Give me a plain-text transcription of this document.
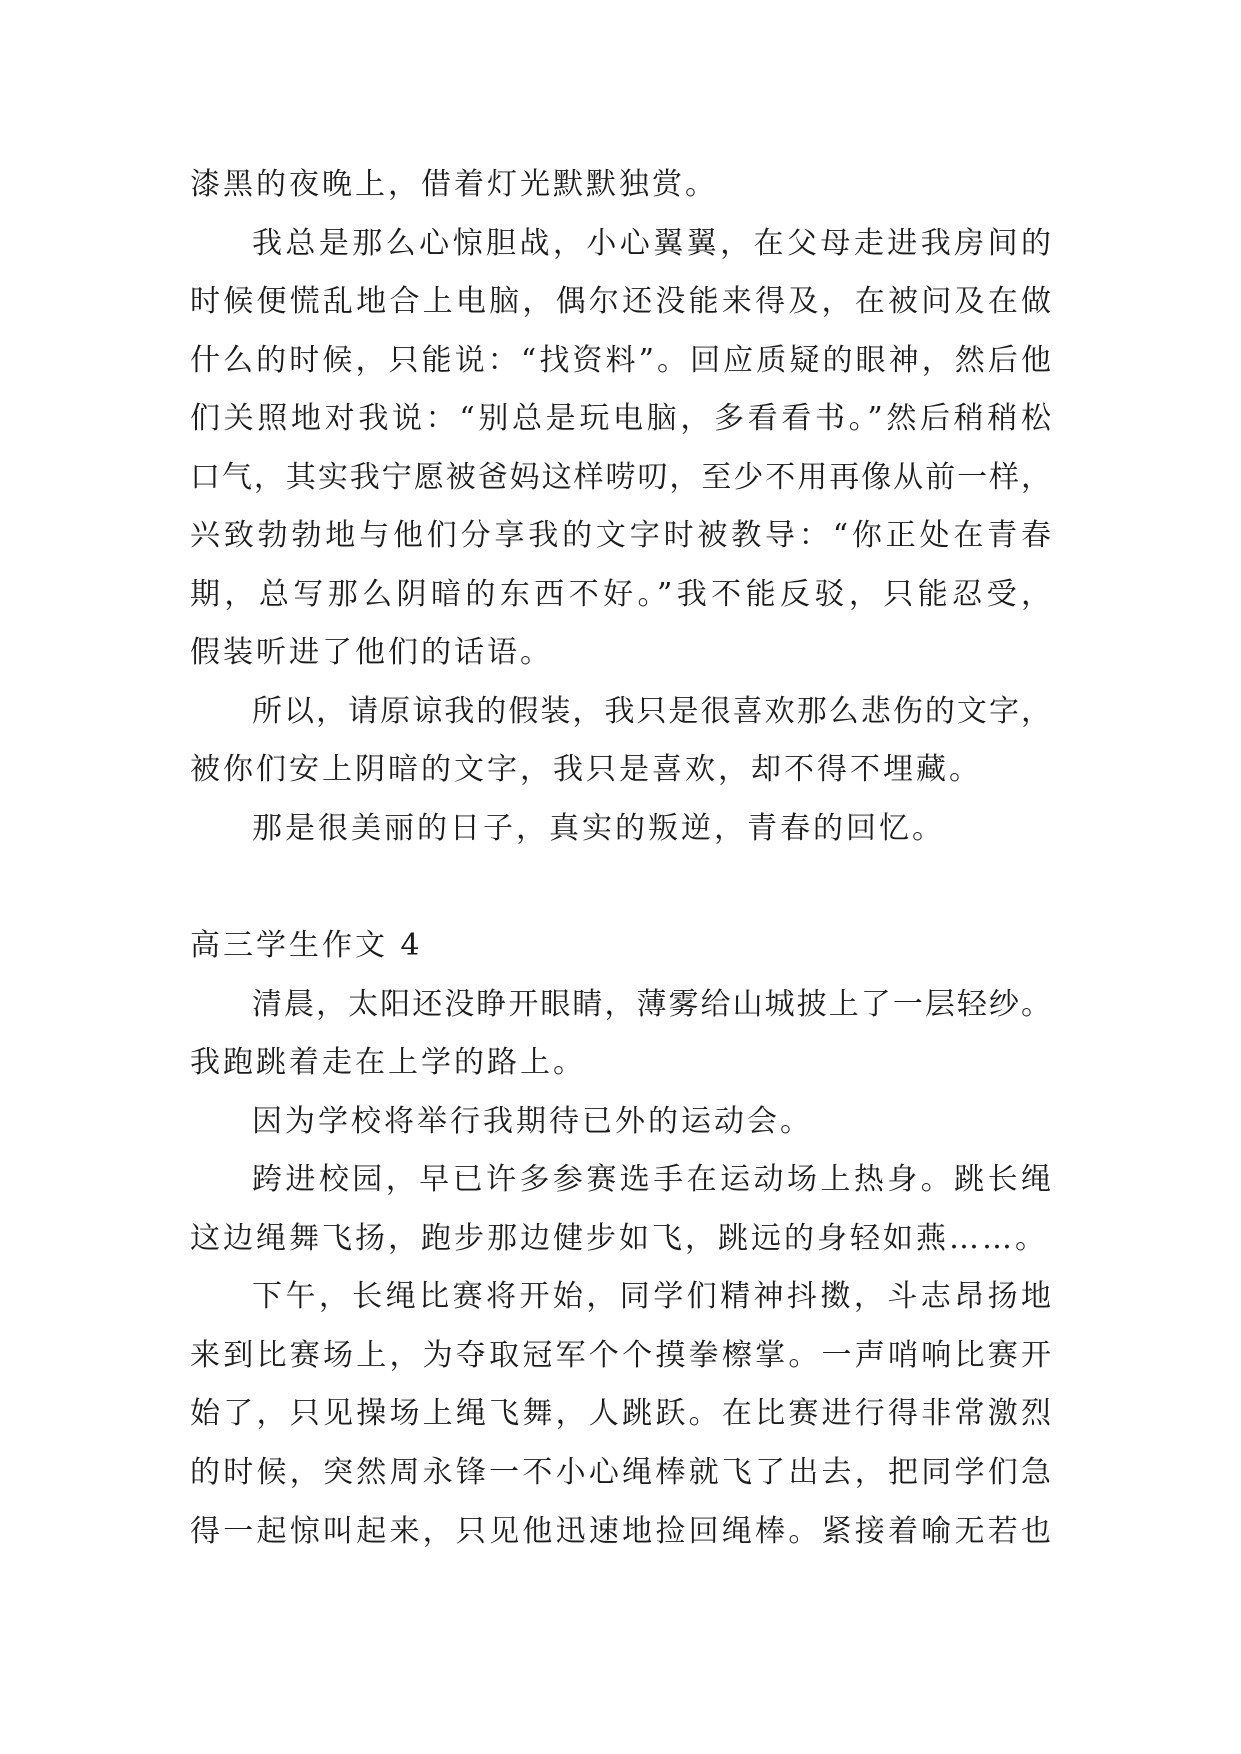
漆黑的夜晚上，借着灯光默默独赏。
我总是那么心惊胆战，小心翼翼，在父母走进我房间的
时候便慌乱地合上电脑，偶尔还没能来得及，在被问及在做
什么的时候，只能说：“找资料”。回应质疑的眼神，然后他
们关照地对我说：“别总是玩电脑，多看看书。”然后稍稍松
口气，其实我宁愿被爸妈这样唠叨，至少不用再像从前一样，
兴致勃勃地与他们分享我的文字时被教导：“你正处在青春
期，总写那么阴暗的东西不好。”我不能反驳，只能忍受，
假装听进了他们的话语。
所以，请原谅我的假装，我只是很喜欢那么悲伤的文字，
被你们安上阴暗的文字，我只是喜欢，却不得不埋藏。
那是很美丽的日子，真实的叛逆，青春的回忆。
高三学生作文 4
清晨，太阳还没睁开眼睛，薄雾给山城披上了一层轻纱。
我跑跳着走在上学的路上。
因为学校将举行我期待已外的运动会。
跨进校园，早已许多参赛选手在运动场上热身。跳长绳
这边绳舞飞扬，跑步那边健步如飞，跳远的身轻如燕……。
下午，长绳比赛将开始，同学们精神抖擞，斗志昂扬地
来到比赛场上，为夺取冠军个个摸拳檫掌。一声哨响比赛开
始了，只见操场上绳飞舞，人跳跃。在比赛进行得非常激烈
的时候，突然周永锋一不小心绳棒就飞了出去，把同学们急
得一起惊叫起来，只见他迅速地捡回绳棒。紧接着喻无若也
